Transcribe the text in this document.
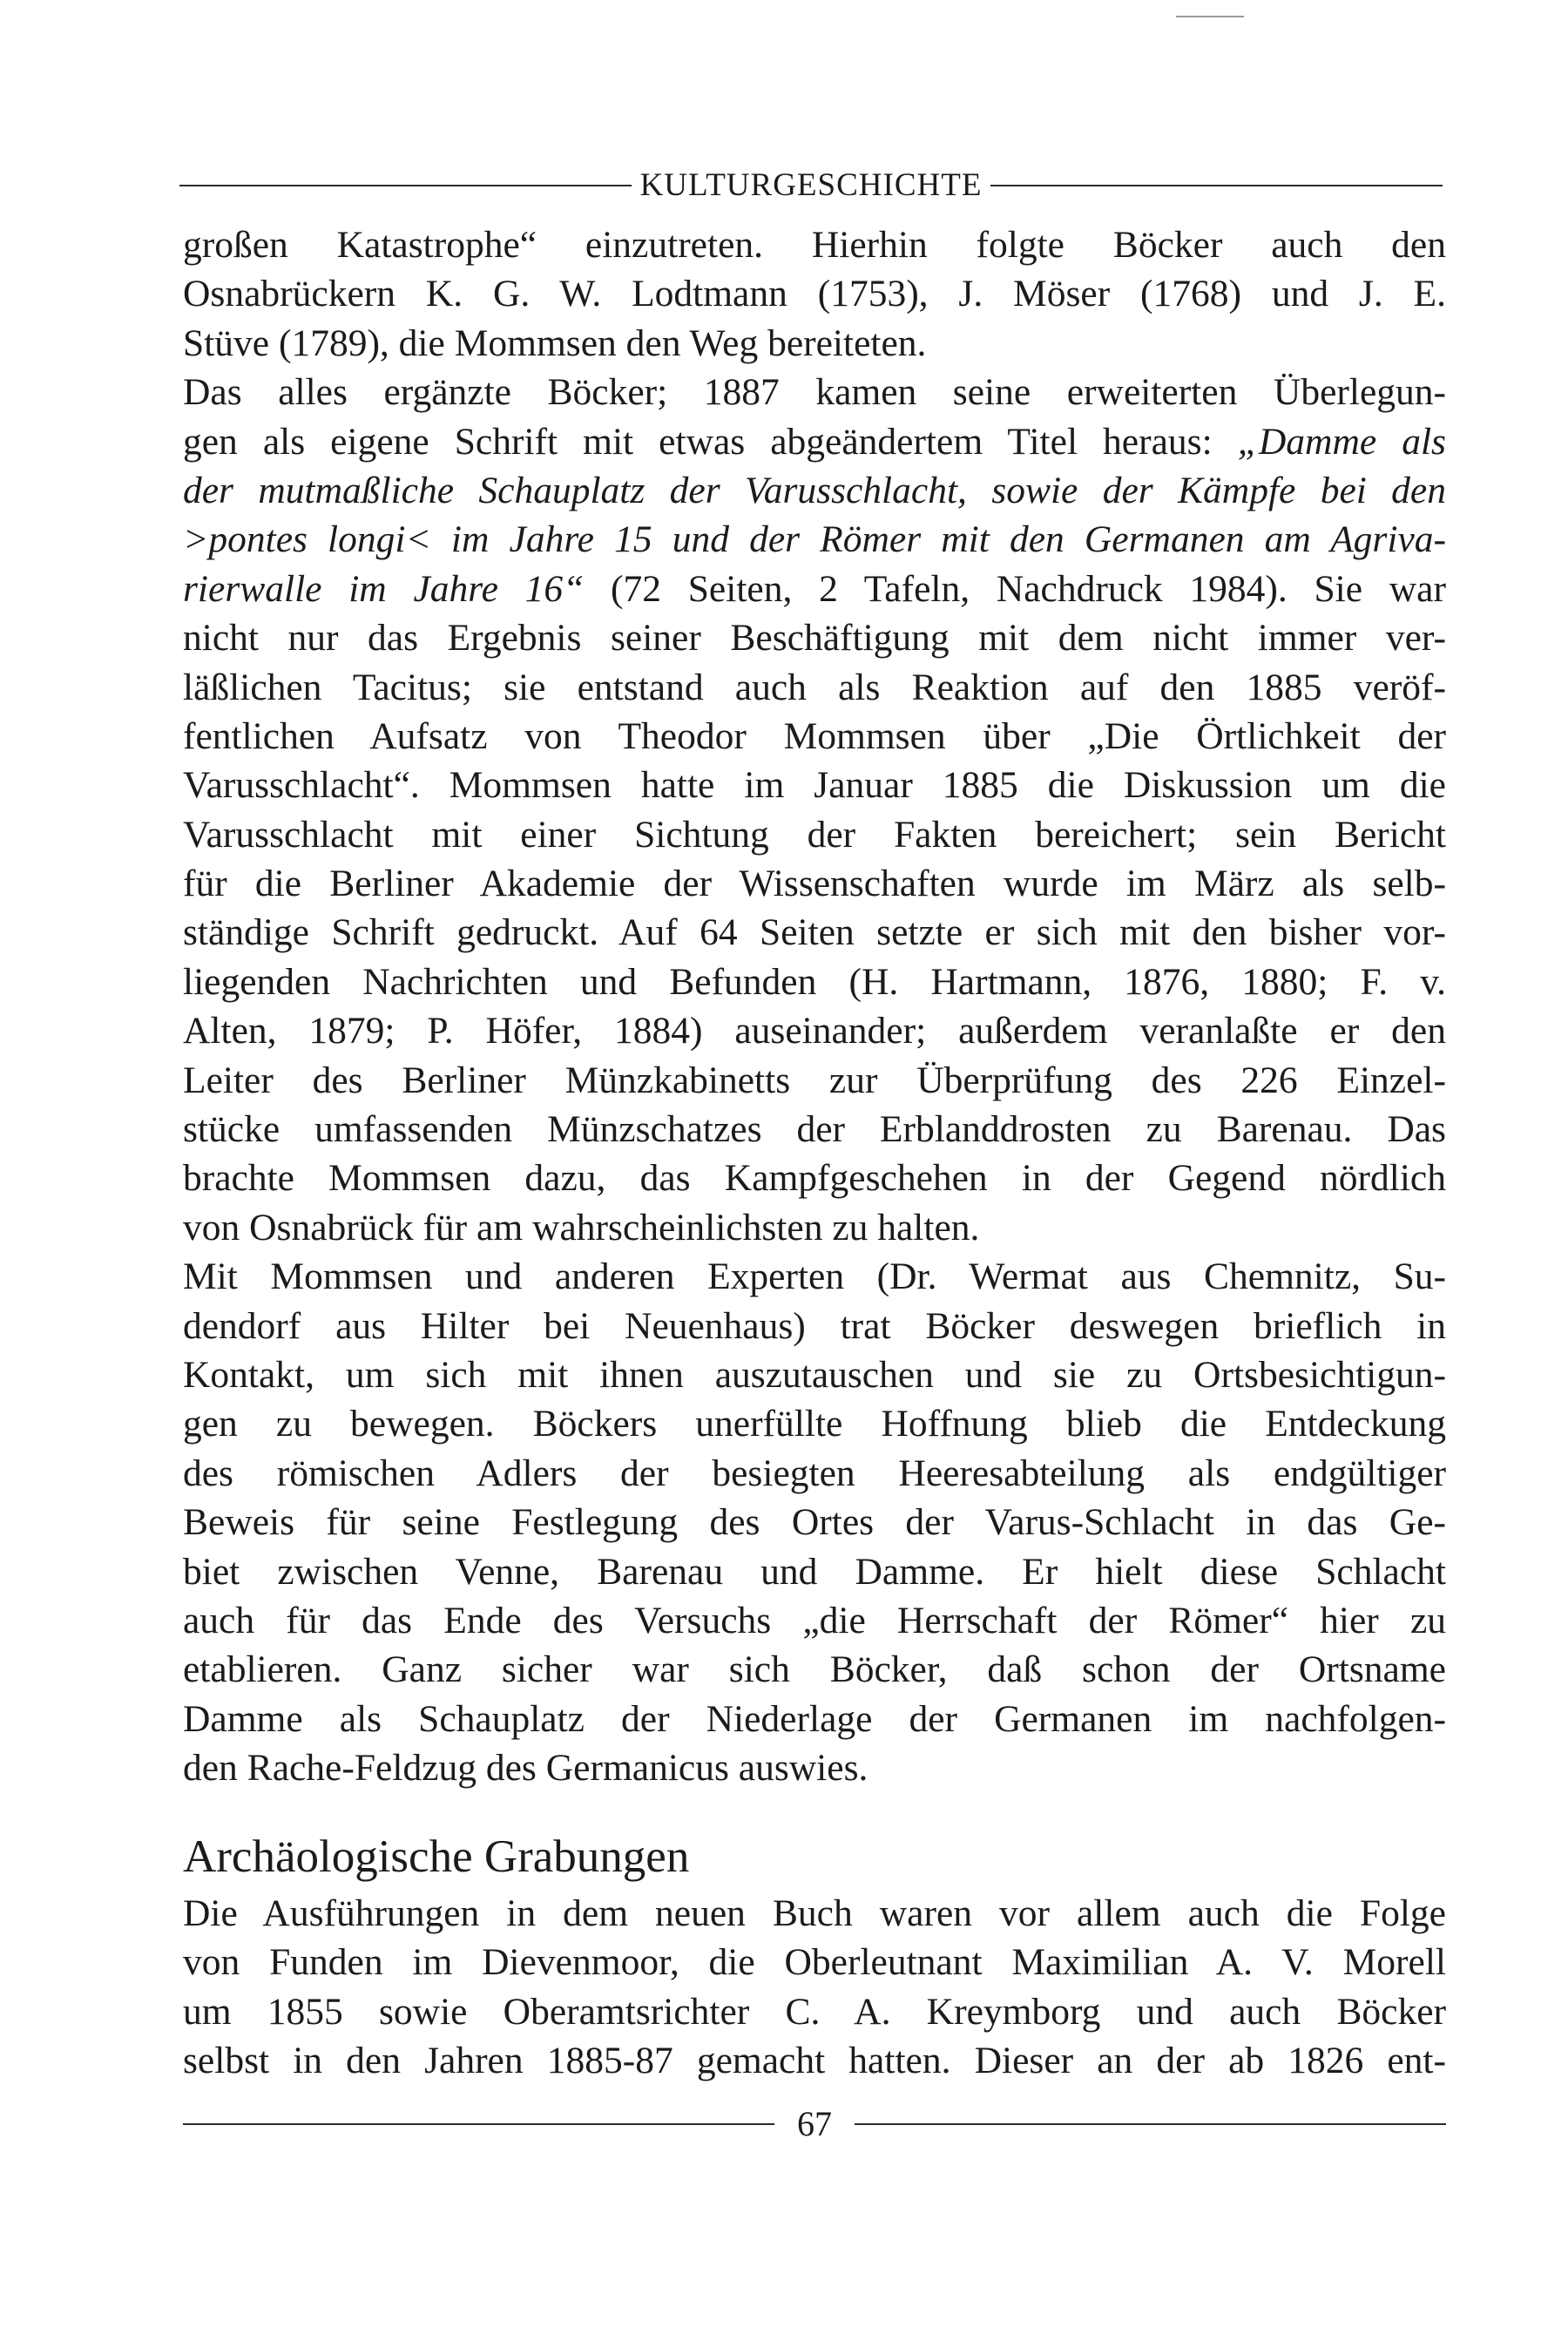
KULTURGESCHICHTE
großen Katastrophe“ einzutreten. Hierhin folgte Böcker auch den
Osnabrückern K. G. W. Lodtmann (1753), J. Möser (1768) und J. E.
Stüve (1789), die Mommsen den Weg bereiteten.
Das alles ergänzte Böcker; 1887 kamen seine erweiterten Überlegun-
gen als eigene Schrift mit etwas abgeändertem Titel heraus: „Damme als
der mutmaßliche Schauplatz der Varusschlacht, sowie der Kämpfe bei den
>pontes longi< im Jahre 15 und der Römer mit den Germanen am Agriva-
rierwalle im Jahre 16“ (72 Seiten, 2 Tafeln, Nachdruck 1984). Sie war
nicht nur das Ergebnis seiner Beschäftigung mit dem nicht immer ver-
läßlichen Tacitus; sie entstand auch als Reaktion auf den 1885 veröf-
fentlichen Aufsatz von Theodor Mommsen über „Die Örtlichkeit der
Varusschlacht“. Mommsen hatte im Januar 1885 die Diskussion um die
Varusschlacht mit einer Sichtung der Fakten bereichert; sein Bericht
für die Berliner Akademie der Wissenschaften wurde im März als selb-
ständige Schrift gedruckt. Auf 64 Seiten setzte er sich mit den bisher vor-
liegenden Nachrichten und Befunden (H. Hartmann, 1876, 1880; F. v.
Alten, 1879; P. Höfer, 1884) auseinander; außerdem veranlaßte er den
Leiter des Berliner Münzkabinetts zur Überprüfung des 226 Einzel-
stücke umfassenden Münzschatzes der Erblanddrosten zu Barenau. Das
brachte Mommsen dazu, das Kampfgeschehen in der Gegend nördlich
von Osnabrück für am wahrscheinlichsten zu halten.
Mit Mommsen und anderen Experten (Dr. Wermat aus Chemnitz, Su-
dendorf aus Hilter bei Neuenhaus) trat Böcker deswegen brieflich in
Kontakt, um sich mit ihnen auszutauschen und sie zu Ortsbesichtigun-
gen zu bewegen. Böckers unerfüllte Hoffnung blieb die Entdeckung
des römischen Adlers der besiegten Heeresabteilung als endgültiger
Beweis für seine Festlegung des Ortes der Varus-Schlacht in das Ge-
biet zwischen Venne, Barenau und Damme. Er hielt diese Schlacht
auch für das Ende des Versuchs „die Herrschaft der Römer“ hier zu
etablieren. Ganz sicher war sich Böcker, daß schon der Ortsname
Damme als Schauplatz der Niederlage der Germanen im nachfolgen-
den Rache-Feldzug des Germanicus auswies.
Archäologische Grabungen
Die Ausführungen in dem neuen Buch waren vor allem auch die Folge
von Funden im Dievenmoor, die Oberleutnant Maximilian A. V. Morell
um 1855 sowie Oberamtsrichter C. A. Kreymborg und auch Böcker
selbst in den Jahren 1885-87 gemacht hatten. Dieser an der ab 1826 ent-
67
